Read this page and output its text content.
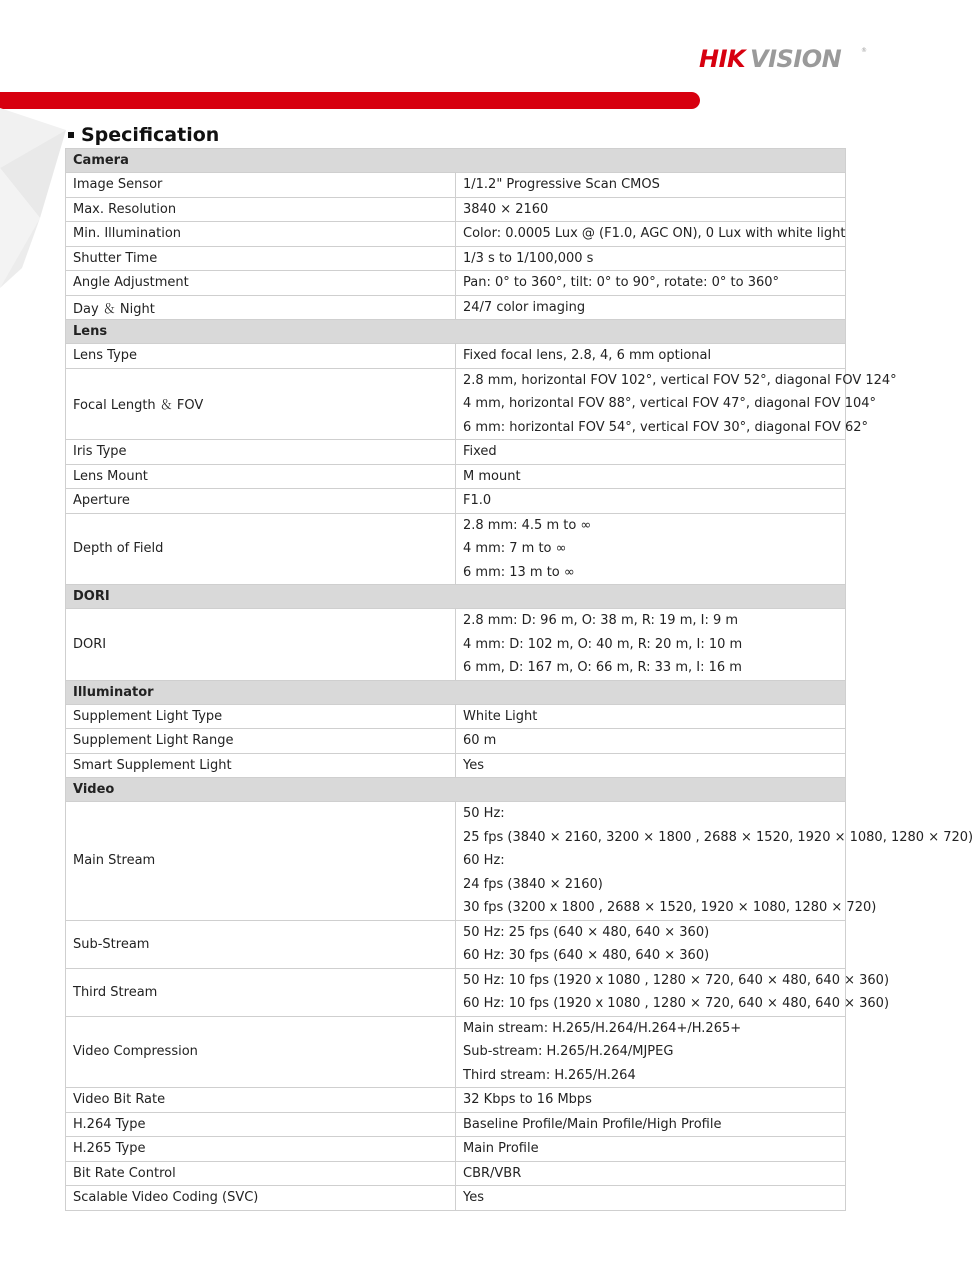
HIK VISION	®
Specification
Camera	
Image Sensor	1/1.2" Progressive Scan CMOS

Max. Resolution	3840 × 2160

Min. Illumination	Color: 0.0005 Lux @ (F1.0, AGC ON), 0 Lux with white light

Shutter Time	1/3 s to 1/100,000 s

Angle Adjustment	Pan: 0° to 360°, tilt: 0° to 90°, rotate: 0° to 360°

Day ＆ Night	24/7 color imaging

Lens	
Lens Type	Fixed focal lens, 2.8, 4, 6 mm optional

Focal Length ＆ FOV	2.8 mm, horizontal FOV 102°, vertical FOV 52°, diagonal FOV 124°
4 mm, horizontal FOV 88°, vertical FOV 47°, diagonal FOV 104°
6 mm: horizontal FOV 54°, vertical FOV 30°, diagonal FOV 62°

Iris Type	Fixed

Lens Mount	M mount

Aperture	F1.0

Depth of Field	2.8 mm: 4.5 m to ∞
4 mm: 7 m to ∞
6 mm: 13 m to ∞

DORI	
DORI	2.8 mm: D: 96 m, O: 38 m, R: 19 m, I: 9 m
4 mm: D: 102 m, O: 40 m, R: 20 m, I: 10 m
6 mm, D: 167 m, O: 66 m, R: 33 m, I: 16 m

Illuminator	
Supplement Light Type	White Light

Supplement Light Range	60 m

Smart Supplement Light	Yes

Video	
Main Stream	50 Hz:
25 fps (3840 × 2160, 3200 × 1800 , 2688 × 1520, 1920 × 1080, 1280 × 720)
60 Hz:
24 fps (3840 × 2160)
30 fps (3200 x 1800 , 2688 × 1520, 1920 × 1080, 1280 × 720)

Sub-Stream	50 Hz: 25 fps (640 × 480, 640 × 360)
60 Hz: 30 fps (640 × 480, 640 × 360)

Third Stream	50 Hz: 10 fps (1920 x 1080 , 1280 × 720, 640 × 480, 640 × 360)
60 Hz: 10 fps (1920 x 1080 , 1280 × 720, 640 × 480, 640 × 360)

Video Compression	Main stream: H.265/H.264/H.264+/H.265+
Sub-stream: H.265/H.264/MJPEG
Third stream: H.265/H.264

Video Bit Rate	32 Kbps to 16 Mbps

H.264 Type	Baseline Profile/Main Profile/High Profile

H.265 Type	Main Profile

Bit Rate Control	CBR/VBR

Scalable Video Coding (SVC)	Yes
